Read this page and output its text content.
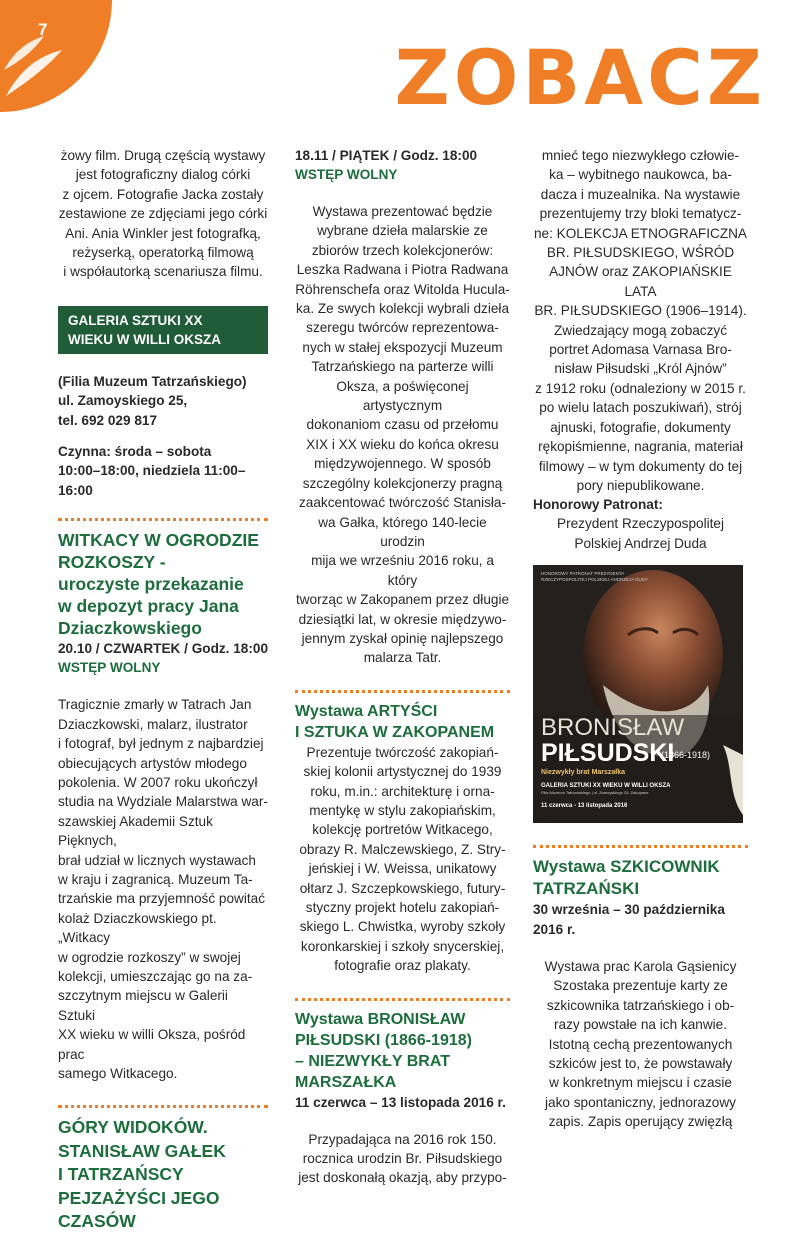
7
ZOBACZ
żowy film. Drugą częścią wystawy
jest fotograficzny dialog córki
z ojcem. Fotografie Jacka zostały
zestawione ze zdjęciami jego córki
Ani. Ania Winkler jest fotografką,
reżyserką, operatorką filmową
i współautorką scenariusza filmu.
GALERIA SZTUKI XX
WIEKU W WILLI OKSZA
(Filia Muzeum Tatrzańskiego)
ul. Zamoyskiego 25,
tel. 692 029 817
Czynna: środa – sobota
10:00–18:00, niedziela 11:00–16:00
WITKACY W OGRODZIE
ROZKOSZY -
uroczyste przekazanie
w depozyt pracy Jana
Dziaczkowskiego

20.10 / CZWARTEK / Godz. 18:00

WSTĘP WOLNY

Tragicznie zmarły w Tatrach Jan
Dziaczkowski, malarz, ilustrator
i fotograf, był jednym z najbardziej
obiecujących artystów młodego
pokolenia. W 2007 roku ukończył
studia na Wydziale Malarstwa war-
szawskiej Akademii Sztuk Pięknych,
brał udział w licznych wystawach
w kraju i zagranicą. Muzeum Ta-
trzańskie ma przyjemność powitać
kolaż Dziaczkowskiego pt. „Witkacy
w ogrodzie rozkoszy” w swojej
kolekcji, umieszczając go na za-
szczytnym miejscu w Galerii Sztuki
XX wieku w willi Oksza, pośród prac
samego Witkacego.
GÓRY WIDOKÓW.
STANISŁAW GAŁEK
I TATRZAŃSCY
PEJZAŻYŚCI JEGO
CZASÓW

18.11 / PIĄTEK / Godz. 18:00

WSTĘP WOLNY

Wystawa prezentować będzie
wybrane dzieła malarskie ze
zbiorów trzech kolekcjonerów:
Leszka Radwana i Piotra Radwana
Röhrenschefa oraz Witolda Hucula-
ka. Ze swych kolekcji wybrali dzieła
szeregu twórców reprezentowa-
nych w stałej ekspozycji Muzeum
Tatrzańskiego na parterze willi
Oksza, a poświęconej artystycznym
dokonaniom czasu od przełomu
XIX i XX wieku do końca okresu
międzywojennego. W sposób
szczególny kolekcjonerzy pragną
zaakcentować twórczość Stanisła-
wa Gałka, którego 140-lecie urodzin
mija we wrześniu 2016 roku, a który
tworząc w Zakopanem przez długie
dziesiątki lat, w okresie międzywo-
jennym zyskał opinię najlepszego
malarza Tatr.
Wystawa ARTYŚCI
I SZTUKA W ZAKOPANEM
Prezentuje twórczość zakopiań-
skiej kolonii artystycznej do 1939
roku, m.in.: architekturę i orna-
mentykę w stylu zakopiańskim,
kolekcję portretów Witkacego,
obrazy R. Malczewskiego, Z. Stry-
jeńskiej i W. Weissa, unikatowy
ołtarz J. Szczepkowskiego, futury-
styczny projekt hotelu zakopiań-
skiego L. Chwistka, wyroby szkoły
koronkarskiej i szkoły snycerskiej,
fotografie oraz plakaty.
Wystawa BRONISŁAW
PIŁSUDSKI (1866-1918)
– NIEZWYKŁY BRAT
MARSZAŁKA

11 czerwca – 13 listopada 2016 r.

Przypadająca na 2016 rok 150.
rocznica urodzin Br. Piłsudskiego
jest doskonałą okazją, aby przypo-
mnieć tego niezwykłego człowie-
ka – wybitnego naukowca, ba-
dacza i muzealnika. Na wystawie
prezentujemy trzy bloki tematycz-
ne: KOLEKCJA ETNOGRAFICZNA
BR. PIŁSUDSKIEGO, WŚRÓD
AJNÓW oraz ZAKOPIAŃSKIE LATA
BR. PIŁSUDSKIEGO (1906–1914).
Zwiedzający mogą zobaczyć
portret Adomasa Varnasa Bro-
nisław Piłsudski „Król Ajnów”
z 1912 roku (odnaleziony w 2015 r.
po wielu latach poszukiwań), strój
ajnuski, fotografie, dokumenty
rękopiśmienne, nagrania, materiał
filmowy – w tym dokumenty do tej
pory niepublikowane.

Honorowy Patronat:

Prezydent Rzeczypospolitej
Polskiej Andrzej Duda
HONOROWY PATRONAT PREZYDENTA
RZECZYPOSPOLITEJ POLSKIEJ ANDRZEJA DUDY
BRONISŁAW
PIŁSUDSKI
(1866-1918)
Niezwykły brat Marszałka
GALERIA SZTUKI XX WIEKU W WILLI OKSZA
Filia Muzeum Tatrzańskiego | ul. Zamoyskiego 25, Zakopane
11 czerwca - 13 listopada 2016
Wystawa SZKICOWNIK
TATRZAŃSKI
30 września – 30 października
2016 r.
Wystawa prac Karola Gąsienicy
Szostaka prezentuje karty ze
szkicownika tatrzańskiego i ob-
razy powstałe na ich kanwie.
Istotną cechą prezentowanych
szkiców jest to, że powstawały
w konkretnym miejscu i czasie
jako spontaniczny, jednorazowy
zapis. Zapis operujący zwięzłą
